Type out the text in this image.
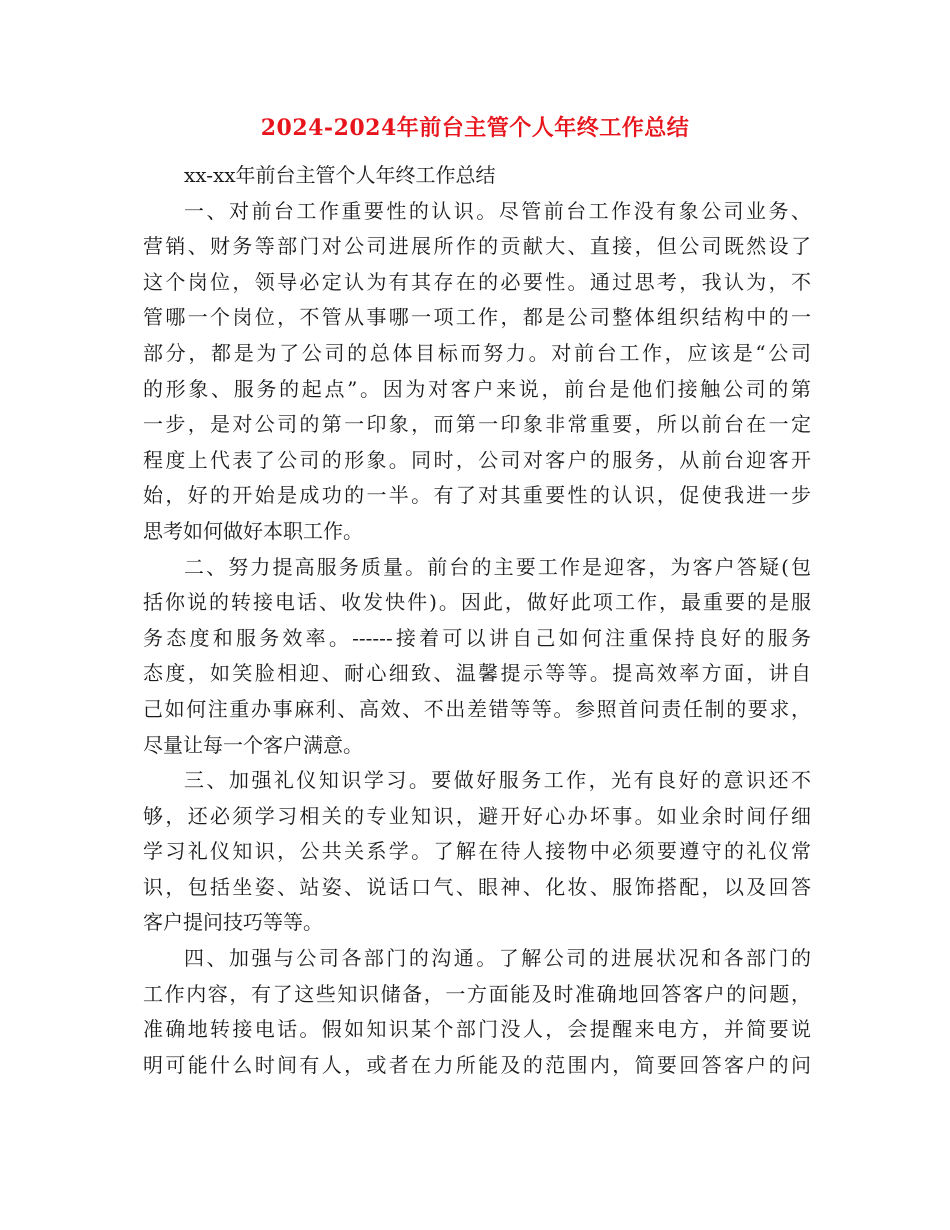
2024-2024年前台主管个人年终工作总结
xx-xx年前台主管个人年终工作总结
一、对前台工作重要性的认识。尽管前台工作没有象公司业务、
营销、财务等部门对公司进展所作的贡献大、直接，但公司既然设了
这个岗位，领导必定认为有其存在的必要性。通过思考，我认为，不
管哪一个岗位，不管从事哪一项工作，都是公司整体组织结构中的一
部分，都是为了公司的总体目标而努力。对前台工作，应该是“公司
的形象、服务的起点”。因为对客户来说，前台是他们接触公司的第
一步，是对公司的第一印象，而第一印象非常重要，所以前台在一定
程度上代表了公司的形象。同时，公司对客户的服务，从前台迎客开
始，好的开始是成功的一半。有了对其重要性的认识，促使我进一步
思考如何做好本职工作。
二、努力提高服务质量。前台的主要工作是迎客，为客户答疑(包
括你说的转接电话、收发快件)。因此，做好此项工作，最重要的是服
务态度和服务效率。------接着可以讲自己如何注重保持良好的服务
态度，如笑脸相迎、耐心细致、温馨提示等等。提高效率方面，讲自
己如何注重办事麻利、高效、不出差错等等。参照首问责任制的要求，
尽量让每一个客户满意。
三、加强礼仪知识学习。要做好服务工作，光有良好的意识还不
够，还必须学习相关的专业知识，避开好心办坏事。如业余时间仔细
学习礼仪知识，公共关系学。了解在待人接物中必须要遵守的礼仪常
识，包括坐姿、站姿、说话口气、眼神、化妆、服饰搭配，以及回答
客户提问技巧等等。
四、加强与公司各部门的沟通。了解公司的进展状况和各部门的
工作内容，有了这些知识储备，一方面能及时准确地回答客户的问题，
准确地转接电话。假如知识某个部门没人，会提醒来电方，并简要说
明可能什么时间有人，或者在力所能及的范围内，简要回答客户的问
